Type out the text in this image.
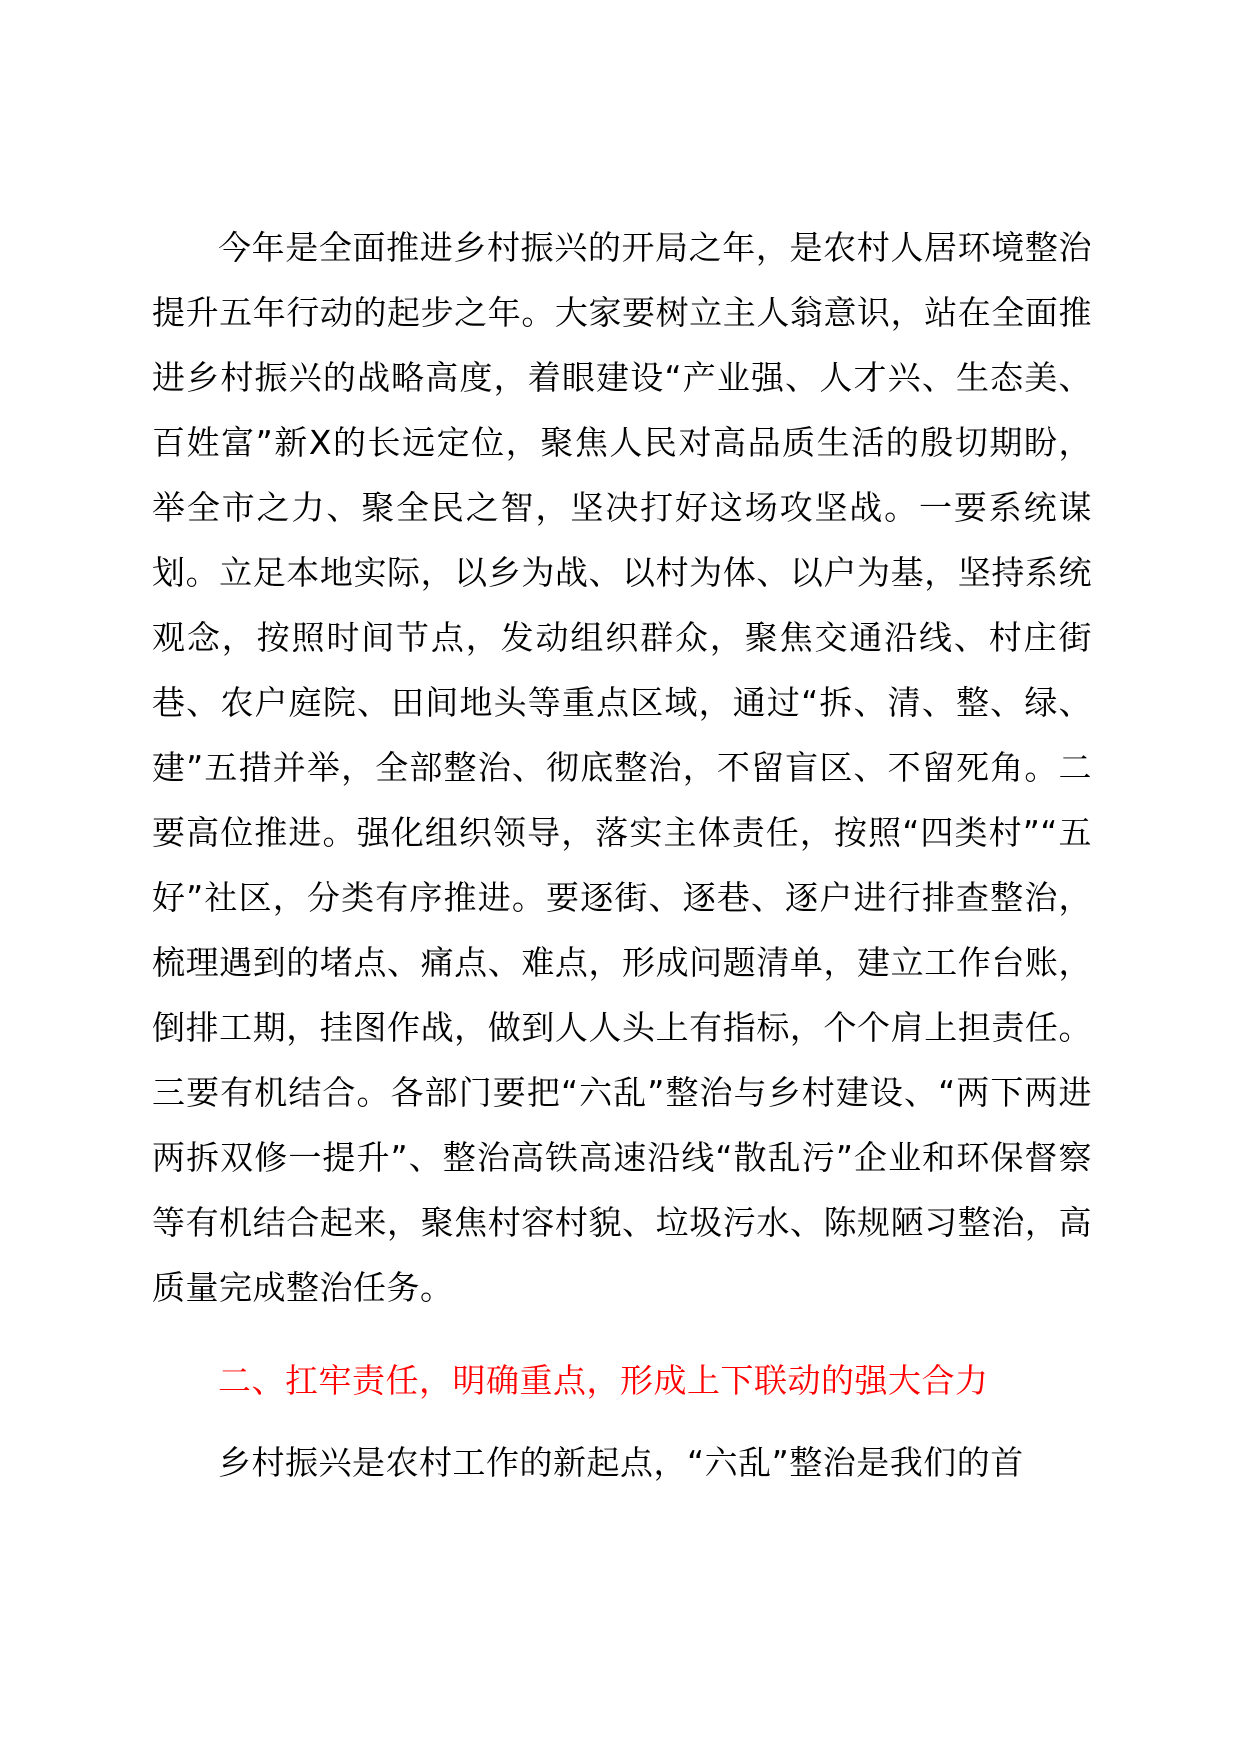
今年是全面推进乡村振兴的开局之年，是农村人居环境整治提升五年行动的起步之年。大家要树立主人翁意识，站在全面推进乡村振兴的战略高度，着眼建设“产业强、人才兴、生态美、百姓富”新X的长远定位，聚焦人民对高品质生活的殷切期盼，举全市之力、聚全民之智，坚决打好这场攻坚战。一要系统谋划。立足本地实际，以乡为战、以村为体、以户为基，坚持系统观念，按照时间节点，发动组织群众，聚焦交通沿线、村庄街巷、农户庭院、田间地头等重点区域，通过“拆、清、整、绿、建”五措并举，全部整治、彻底整治，不留盲区、不留死角。二要高位推进。强化组织领导，落实主体责任，按照“四类村”“五好”社区，分类有序推进。要逐街、逐巷、逐户进行排查整治，梳理遇到的堵点、痛点、难点，形成问题清单，建立工作台账，倒排工期，挂图作战，做到人人头上有指标，个个肩上担责任。三要有机结合。各部门要把“六乱”整治与乡村建设、“两下两进两拆双修一提升”、整治高铁高速沿线“散乱污”企业和环保督察等有机结合起来，聚焦村容村貌、垃圾污水、陈规陋习整治，高质量完成整治任务。

二、扛牢责任，明确重点，形成上下联动的强大合力

乡村振兴是农村工作的新起点，“六乱”整治是我们的首
